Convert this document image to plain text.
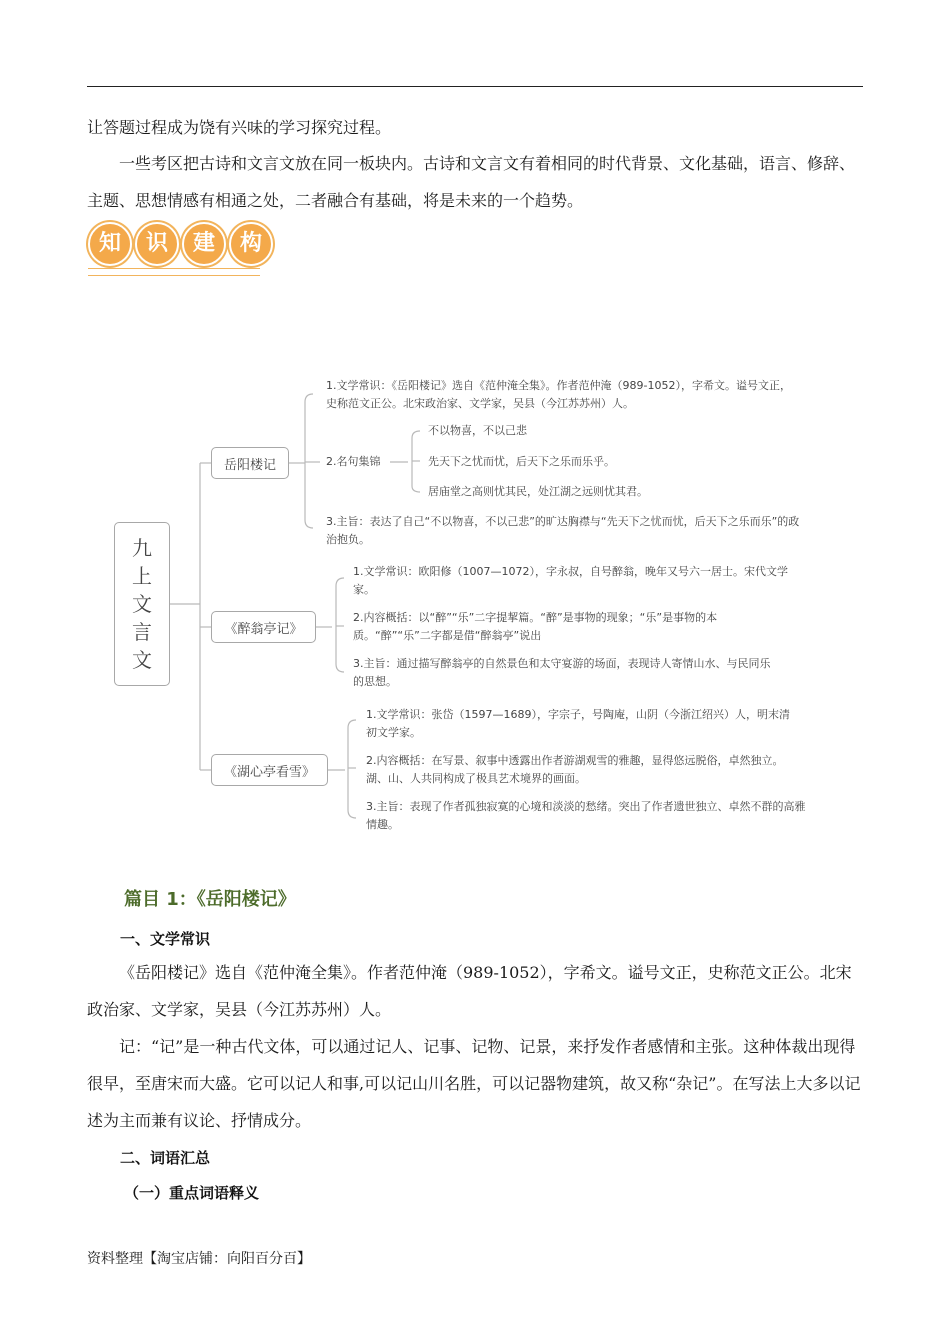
让答题过程成为饶有兴味的学习探究过程。

一些考区把古诗和文言文放在同一板块内。古诗和文言文有着相同的时代背景、文化基础，语言、修辞、主题、思想情感有相通之处，二者融合有基础，将是未来的一个趋势。

知	识	建	构
九上文言文
岳阳楼记
《醉翁亭记》
《湖心亭看雪》
1.文学常识：《岳阳楼记》选自《范仲淹全集》。作者范仲淹（989-1052），字希文。谥号文正，史称范文正公。北宋政治家、文学家，吴县（今江苏苏州）人。
2.名句集锦
不以物喜，不以己悲
先天下之忧而忧，后天下之乐而乐乎。
居庙堂之高则忧其民，处江湖之远则忧其君。
3.主旨：表达了自己“不以物喜，不以己悲”的旷达胸襟与“先天下之忧而忧，后天下之乐而乐”的政治抱负。
1.文学常识：欧阳修（1007—1072），字永叔，自号醉翁，晚年又号六一居士。宋代文学家。
2.内容概括：以“醉”“乐”二字提挈篇。“醉”是事物的现象；“乐”是事物的本质。“醉”“乐”二字都是借“醉翁亭”说出
3.主旨：通过描写醉翁亭的自然景色和太守宴游的场面，表现诗人寄情山水、与民同乐的思想。
1.文学常识：张岱（1597—1689），字宗子，号陶庵，山阴（今浙江绍兴）人，明末清初文学家。
2.内容概括：在写景、叙事中透露出作者游湖观雪的雅趣，显得悠远脱俗，卓然独立。湖、山、人共同构成了极具艺术境界的画面。
3.主旨：表现了作者孤独寂寞的心境和淡淡的愁绪。突出了作者遗世独立、卓然不群的高雅情趣。
篇目 1：《岳阳楼记》
一、文学常识

《岳阳楼记》选自《范仲淹全集》。作者范仲淹（989-1052），字希文。谥号文正，史称范文正公。北宋政治家、文学家，吴县（今江苏苏州）人。

记：“记”是一种古代文体，可以通过记人、记事、记物、记景，来抒发作者感情和主张。这种体裁出现得很早，至唐宋而大盛。它可以记人和事,可以记山川名胜，可以记器物建筑，故又称“杂记”。在写法上大多以记述为主而兼有议论、抒情成分。

二、词语汇总
（一）重点词语释义
资料整理【淘宝店铺：向阳百分百】
